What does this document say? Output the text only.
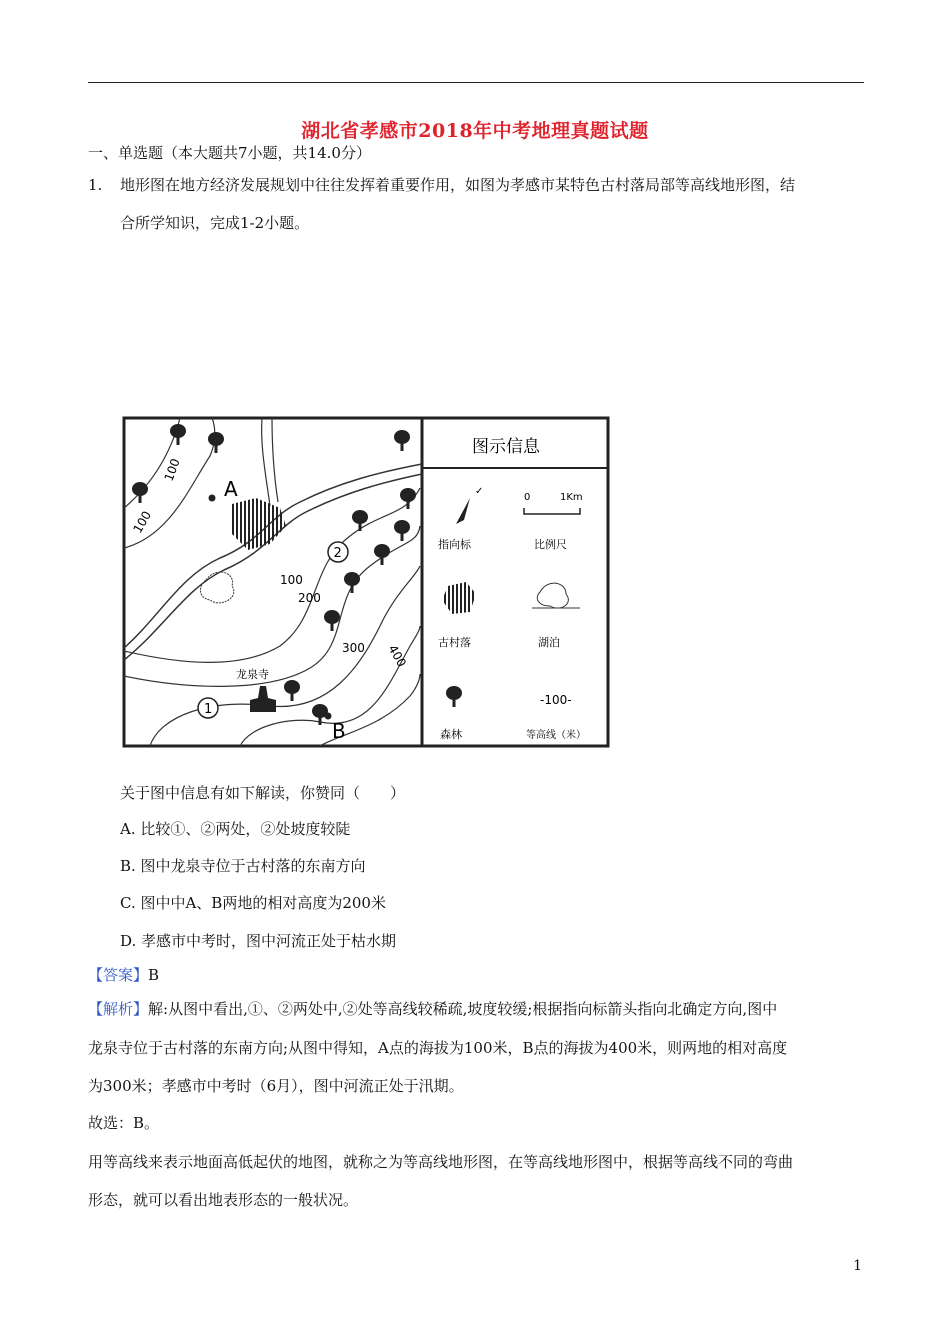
湖北省孝感市2018年中考地理真题试题
一、单选题（本大题共7小题，共14.0分）
1. 地形图在地方经济发展规划中往往发挥着重要作用，如图为孝感市某特色古村落局部等高线地形图，结
合所学知识，完成1-2小题。
A
B
2
1
龙泉寺
100
100
100
200
300 400
图示信息
✓
指向标
0	1Km
比例尺
古村落	湖泊
森林
-100-
等高线（米）
关于图中信息有如下解读，你赞同（　　）
A. 比较①、②两处，②处坡度较陡
B. 图中龙泉寺位于古村落的东南方向
C. 图中中A、B两地的相对高度为200米
D. 孝感市中考时，图中河流正处于枯水期
【答案】B
【解析】解:从图中看出,①、②两处中,②处等高线较稀疏,坡度较缓;根据指向标箭头指向北确定方向,图中
龙泉寺位于古村落的东南方向;从图中得知，A点的海拔为100米，B点的海拔为400米，则两地的相对高度
为300米；孝感市中考时（6月），图中河流正处于汛期。
故选：B。
用等高线来表示地面高低起伏的地图，就称之为等高线地形图，在等高线地形图中，根据等高线不同的弯曲
形态，就可以看出地表形态的一般状况。
1
